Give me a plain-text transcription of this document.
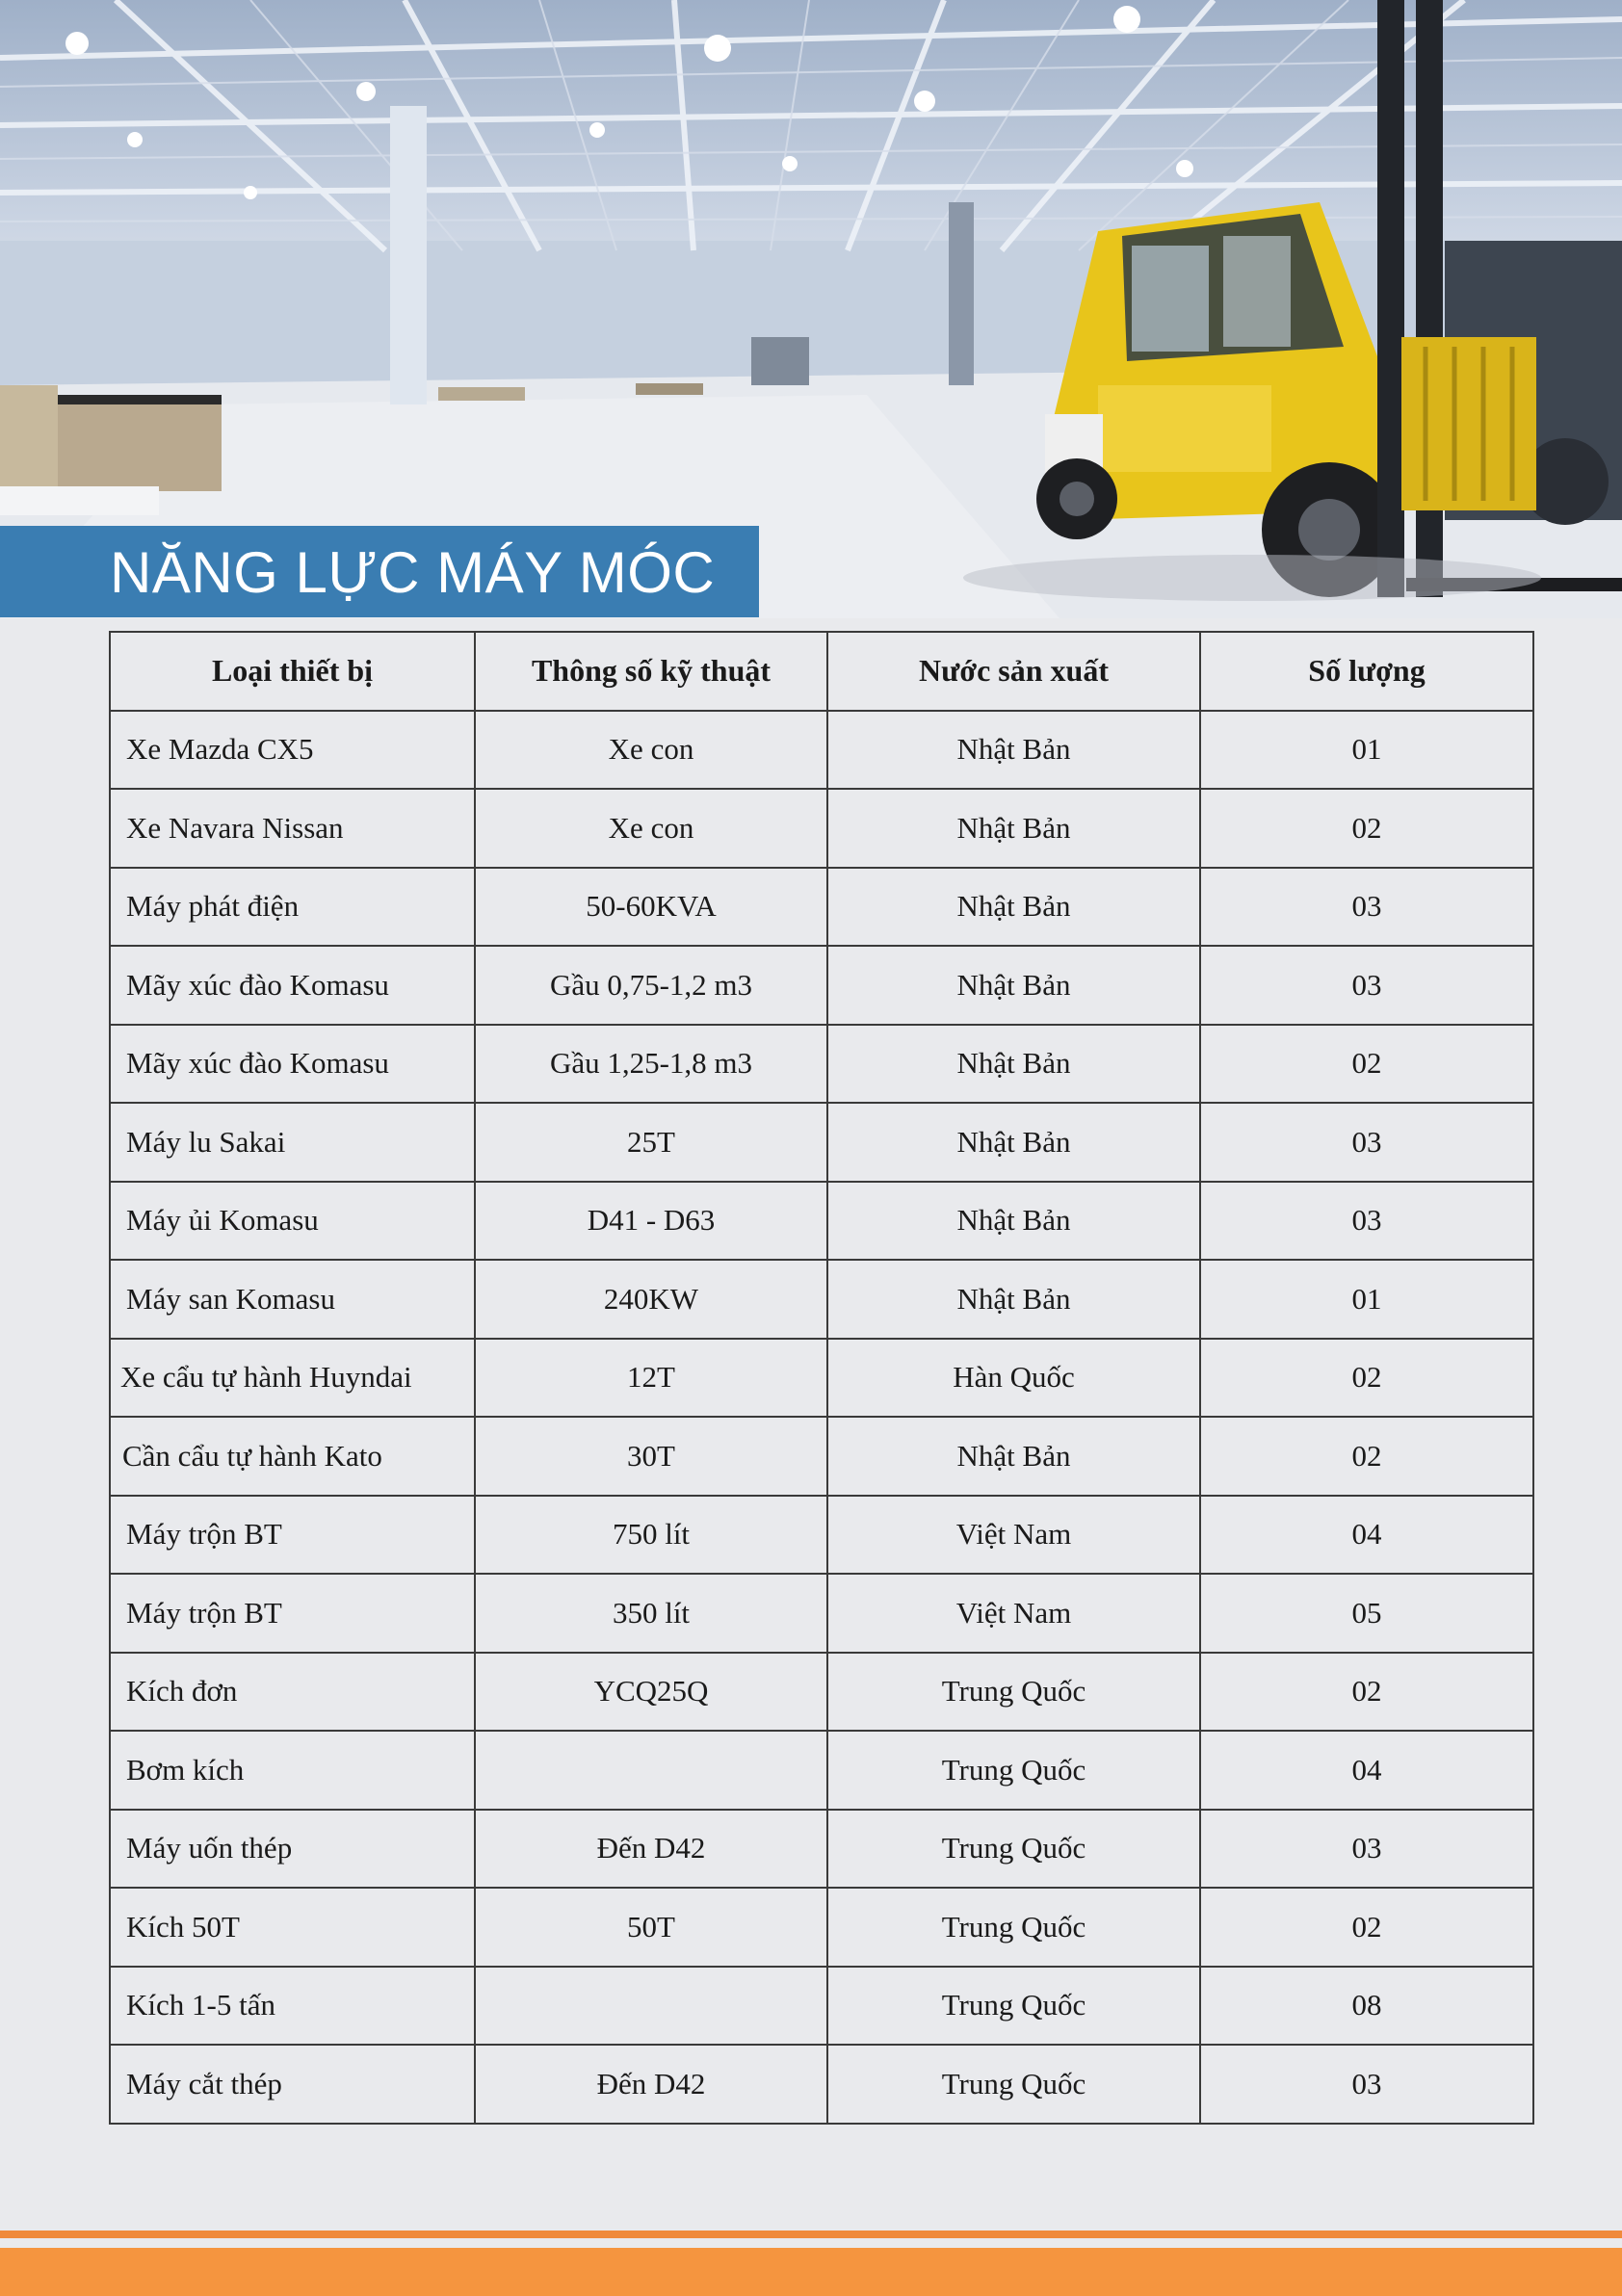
NĂNG LỰC MÁY MÓC
Loại thiết bị	Thông số kỹ thuật	Nước sản xuất	Số lượng
Xe Mazda CX5	Xe con	Nhật Bản	01
Xe Navara Nissan	Xe con	Nhật Bản	02
Máy phát điện	50-60KVA	Nhật Bản	03
Mãy xúc đào Komasu	Gầu 0,75-1,2 m3	Nhật Bản	03
Mãy xúc đào Komasu	Gầu 1,25-1,8 m3	Nhật Bản	02
Máy lu Sakai	25T	Nhật Bản	03
Máy ủi Komasu	D41 - D63	Nhật Bản	03
Máy san Komasu	240KW	Nhật Bản	01
Xe cẩu tự hành Huyndai	12T	Hàn Quốc	02
Cần cẩu tự hành Kato	30T	Nhật Bản	02
Máy trộn BT	750 lít	Việt Nam	04
Máy trộn BT	350 lít	Việt Nam	05
Kích đơn	YCQ25Q	Trung Quốc	02
Bơm kích		Trung Quốc	04
Máy uốn thép	Đến D42	Trung Quốc	03
Kích 50T	50T	Trung Quốc	02
Kích 1-5 tấn		Trung Quốc	08
Máy cắt thép	Đến D42	Trung Quốc	03
